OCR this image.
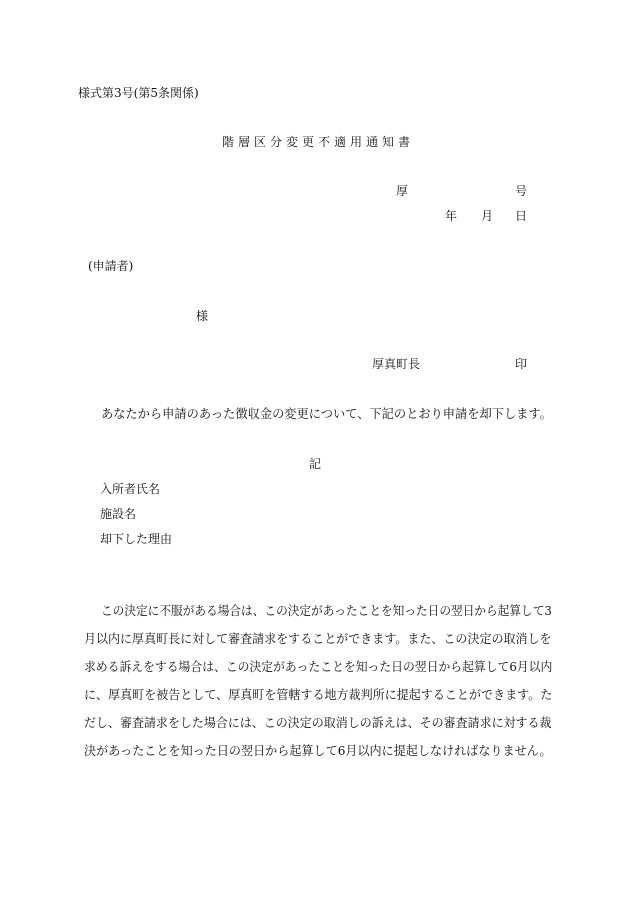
様式第3号(第5条関係)
階層区分変更不適用通知書
厚	号
年 月 日
(申請者)
様
厚真町長	印
あなたから申請のあった徴収金の変更について、下記のとおり申請を却下します。
記
入所者氏名
施設名
却下した理由
この決定に不服がある場合は、この決定があったことを知った日の翌日から起算して3
月以内に厚真町長に対して審査請求をすることができます。また、この決定の取消しを
求める訴えをする場合は、この決定があったことを知った日の翌日から起算して6月以内
に、厚真町を被告として、厚真町を管轄する地方裁判所に提起することができます。た
だし、審査請求をした場合には、この決定の取消しの訴えは、その審査請求に対する裁
決があったことを知った日の翌日から起算して6月以内に提起しなければなりません。
